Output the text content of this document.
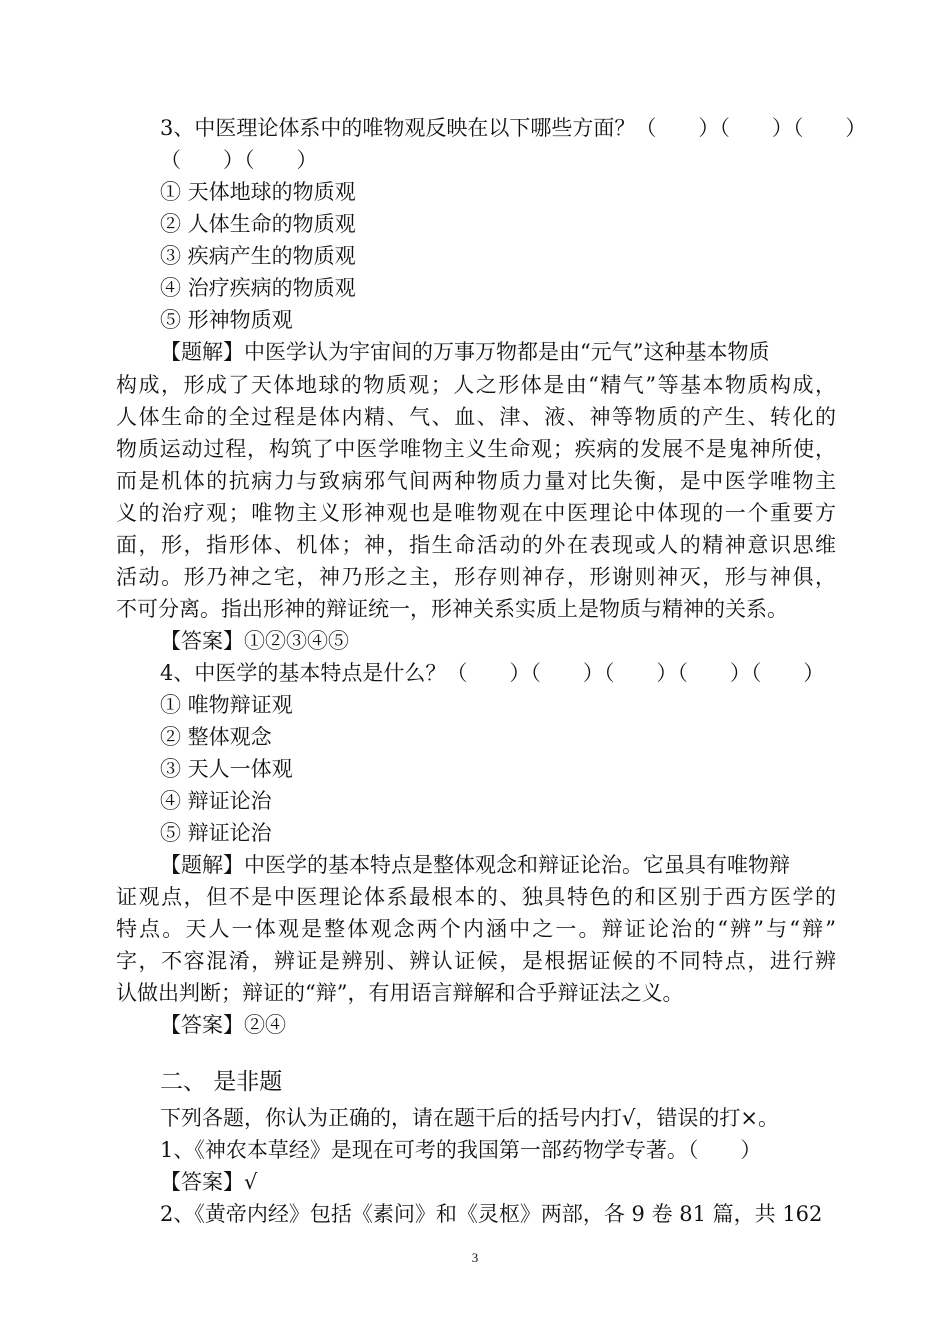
3、中医理论体系中的唯物观反映在以下哪些方面？（　　）（　　）（　　）
（　　）（　　）
① 天体地球的物质观
② 人体生命的物质观
③ 疾病产生的物质观
④ 治疗疾病的物质观
⑤ 形神物质观
【题解】中医学认为宇宙间的万事万物都是由“元气”这种基本物质
构成，形成了天体地球的物质观；人之形体是由“精气”等基本物质构成，
人体生命的全过程是体内精、气、血、津、液、神等物质的产生、转化的
物质运动过程，构筑了中医学唯物主义生命观；疾病的发展不是鬼神所使，
而是机体的抗病力与致病邪气间两种物质力量对比失衡，是中医学唯物主
义的治疗观；唯物主义形神观也是唯物观在中医理论中体现的一个重要方
面，形，指形体、机体；神，指生命活动的外在表现或人的精神意识思维
活动。形乃神之宅，神乃形之主，形存则神存，形谢则神灭，形与神俱，
不可分离。指出形神的辩证统一，形神关系实质上是物质与精神的关系。
【答案】①②③④⑤
4、中医学的基本特点是什么？（　　）（　　）（　　）（　　）（　　）
① 唯物辩证观
② 整体观念
③ 天人一体观
④ 辩证论治
⑤ 辩证论治
【题解】中医学的基本特点是整体观念和辩证论治。它虽具有唯物辩
证观点，但不是中医理论体系最根本的、独具特色的和区别于西方医学的
特点。天人一体观是整体观念两个内涵中之一。辩证论治的“辨”与“辩”
字，不容混淆，辨证是辨别、辨认证候，是根据证候的不同特点，进行辨
认做出判断；辩证的“辩”，有用语言辩解和合乎辩证法之义。
【答案】②④
二、 是非题
下列各题，你认为正确的，请在题干后的括号内打√，错误的打×。
1、《神农本草经》是现在可考的我国第一部药物学专著。（　　）
【答案】√
2、《黄帝内经》包括《素问》和《灵枢》两部，各 9 卷 81 篇，共 162
3
